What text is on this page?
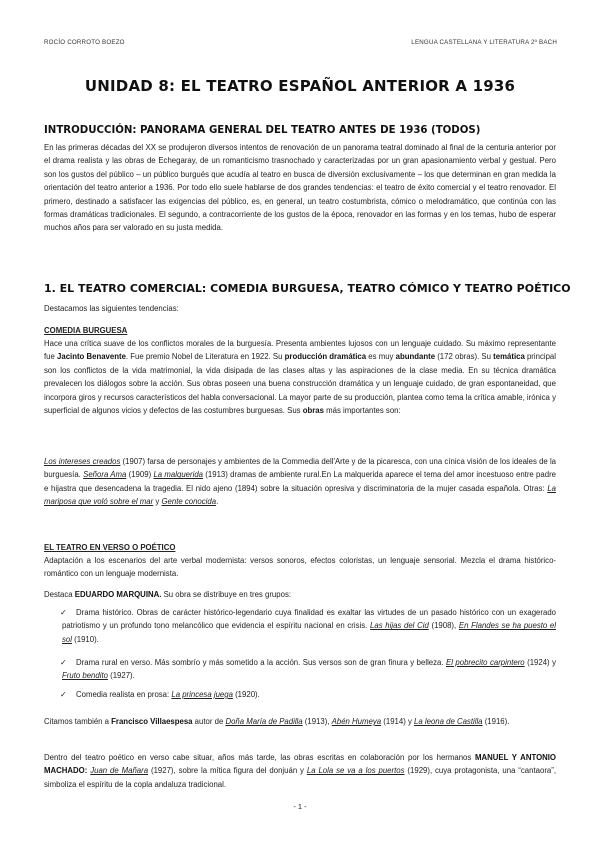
ROCÍO CORROTO BOEZO	LENGUA CASTELLANA Y LITERATURA 2º BACH
UNIDAD 8: EL TEATRO ESPAÑOL ANTERIOR A 1936
INTRODUCCIÓN: PANORAMA GENERAL DEL TEATRO ANTES DE 1936 (TODOS)
En las primeras décadas del XX se produjeron diversos intentos de renovación de un panorama teatral dominado al final de la centuria anterior por el drama realista y las obras de Echegaray, de un romanticismo trasnochado y caracterizadas por un gran apasionamiento verbal y gestual. Pero son los gustos del público – un público burgués que acudía al teatro en busca de diversión exclusivamente – los que determinan en gran medida la orientación del teatro anterior a 1936. Por todo ello suele hablarse de dos grandes tendencias: el teatro de éxito comercial y el teatro renovador. El primero, destinado a satisfacer las exigencias del público, es, en general, un teatro costumbrista, cómico o melodramático, que continúa con las formas dramáticas tradicionales. El segundo, a contracorriente de los gustos de la época, renovador en las formas y en los temas, hubo de esperar muchos años para ser valorado en su justa medida.
1. EL TEATRO COMERCIAL: COMEDIA BURGUESA, TEATRO CÓMICO Y TEATRO POÉTICO
Destacamos las siguientes tendencias:
COMEDIA BURGUESA
Hace una crítica suave de los conflictos morales de la burguesía. Presenta ambientes lujosos con un lenguaje cuidado. Su máximo representante fue Jacinto Benavente. Fue premio Nobel de Literatura en 1922. Su producción dramática es muy abundante (172 obras). Su temática principal son los conflictos de la vida matrimonial, la vida disipada de las clases altas y las aspiraciones de la clase media. En su técnica dramática prevalecen los diálogos sobre la acción. Sus obras poseen una buena construcción dramática y un lenguaje cuidado, de gran espontaneidad, que incorpora giros y recursos característicos del habla conversacional. La mayor parte de su producción, plantea como tema la crítica amable, irónica y superficial de algunos vicios y defectos de las costumbres burguesas. Sus obras más importantes son:
Los intereses creados (1907) farsa de personajes y ambientes de la Commedia dell'Arte y de la picaresca, con una cínica visión de los ideales de la burguesía. Señora Ama (1909) La malquerida (1913) dramas de ambiente rural.En La malquerida aparece el tema del amor incestuoso entre padre e hijastra que desencadena la tragedia. El nido ajeno (1894) sobre la situación opresiva y discriminatoria de la mujer casada española. Otras: La mariposa que voló sobre el mar y Gente conocida.
EL TEATRO EN VERSO O POÉTICO
Adaptación a los escenarios del arte verbal modernista: versos sonoros, efectos coloristas, un lenguaje sensorial. Mezcla el drama histórico-romántico con un lenguaje modernista.
Destaca EDUARDO MARQUINA. Su obra se distribuye en tres grupos:
✓	Drama histórico. Obras de carácter histórico-legendario cuya finalidad es exaltar las virtudes de un pasado histórico con un exagerado patriotismo y un profundo tono melancólico que evidencia el espíritu nacional en crisis. Las hijas del Cid (1908), En Flandes se ha puesto el sol (1910).
✓	Drama rural en verso. Más sombrío y más sometido a la acción. Sus versos son de gran finura y belleza. El pobrecito carpintero (1924) y Fruto bendito (1927).
✓	Comedia realista en prosa: La princesa juega (1920).
Citamos también a Francisco Villaespesa autor de Doña María de Padilla (1913), Abén Humeya (1914) y La leona de Castilla (1916).
Dentro del teatro poético en verso cabe situar, años más tarde, las obras escritas en colaboración por los hermanos MANUEL Y ANTONIO MACHADO: Juan de Mañara (1927), sobre la mítica figura del donjuán y La Lola se va a los puertos (1929), cuya protagonista, una “cantaora”, simboliza el espíritu de la copla andaluza tradicional.
- 1 -
